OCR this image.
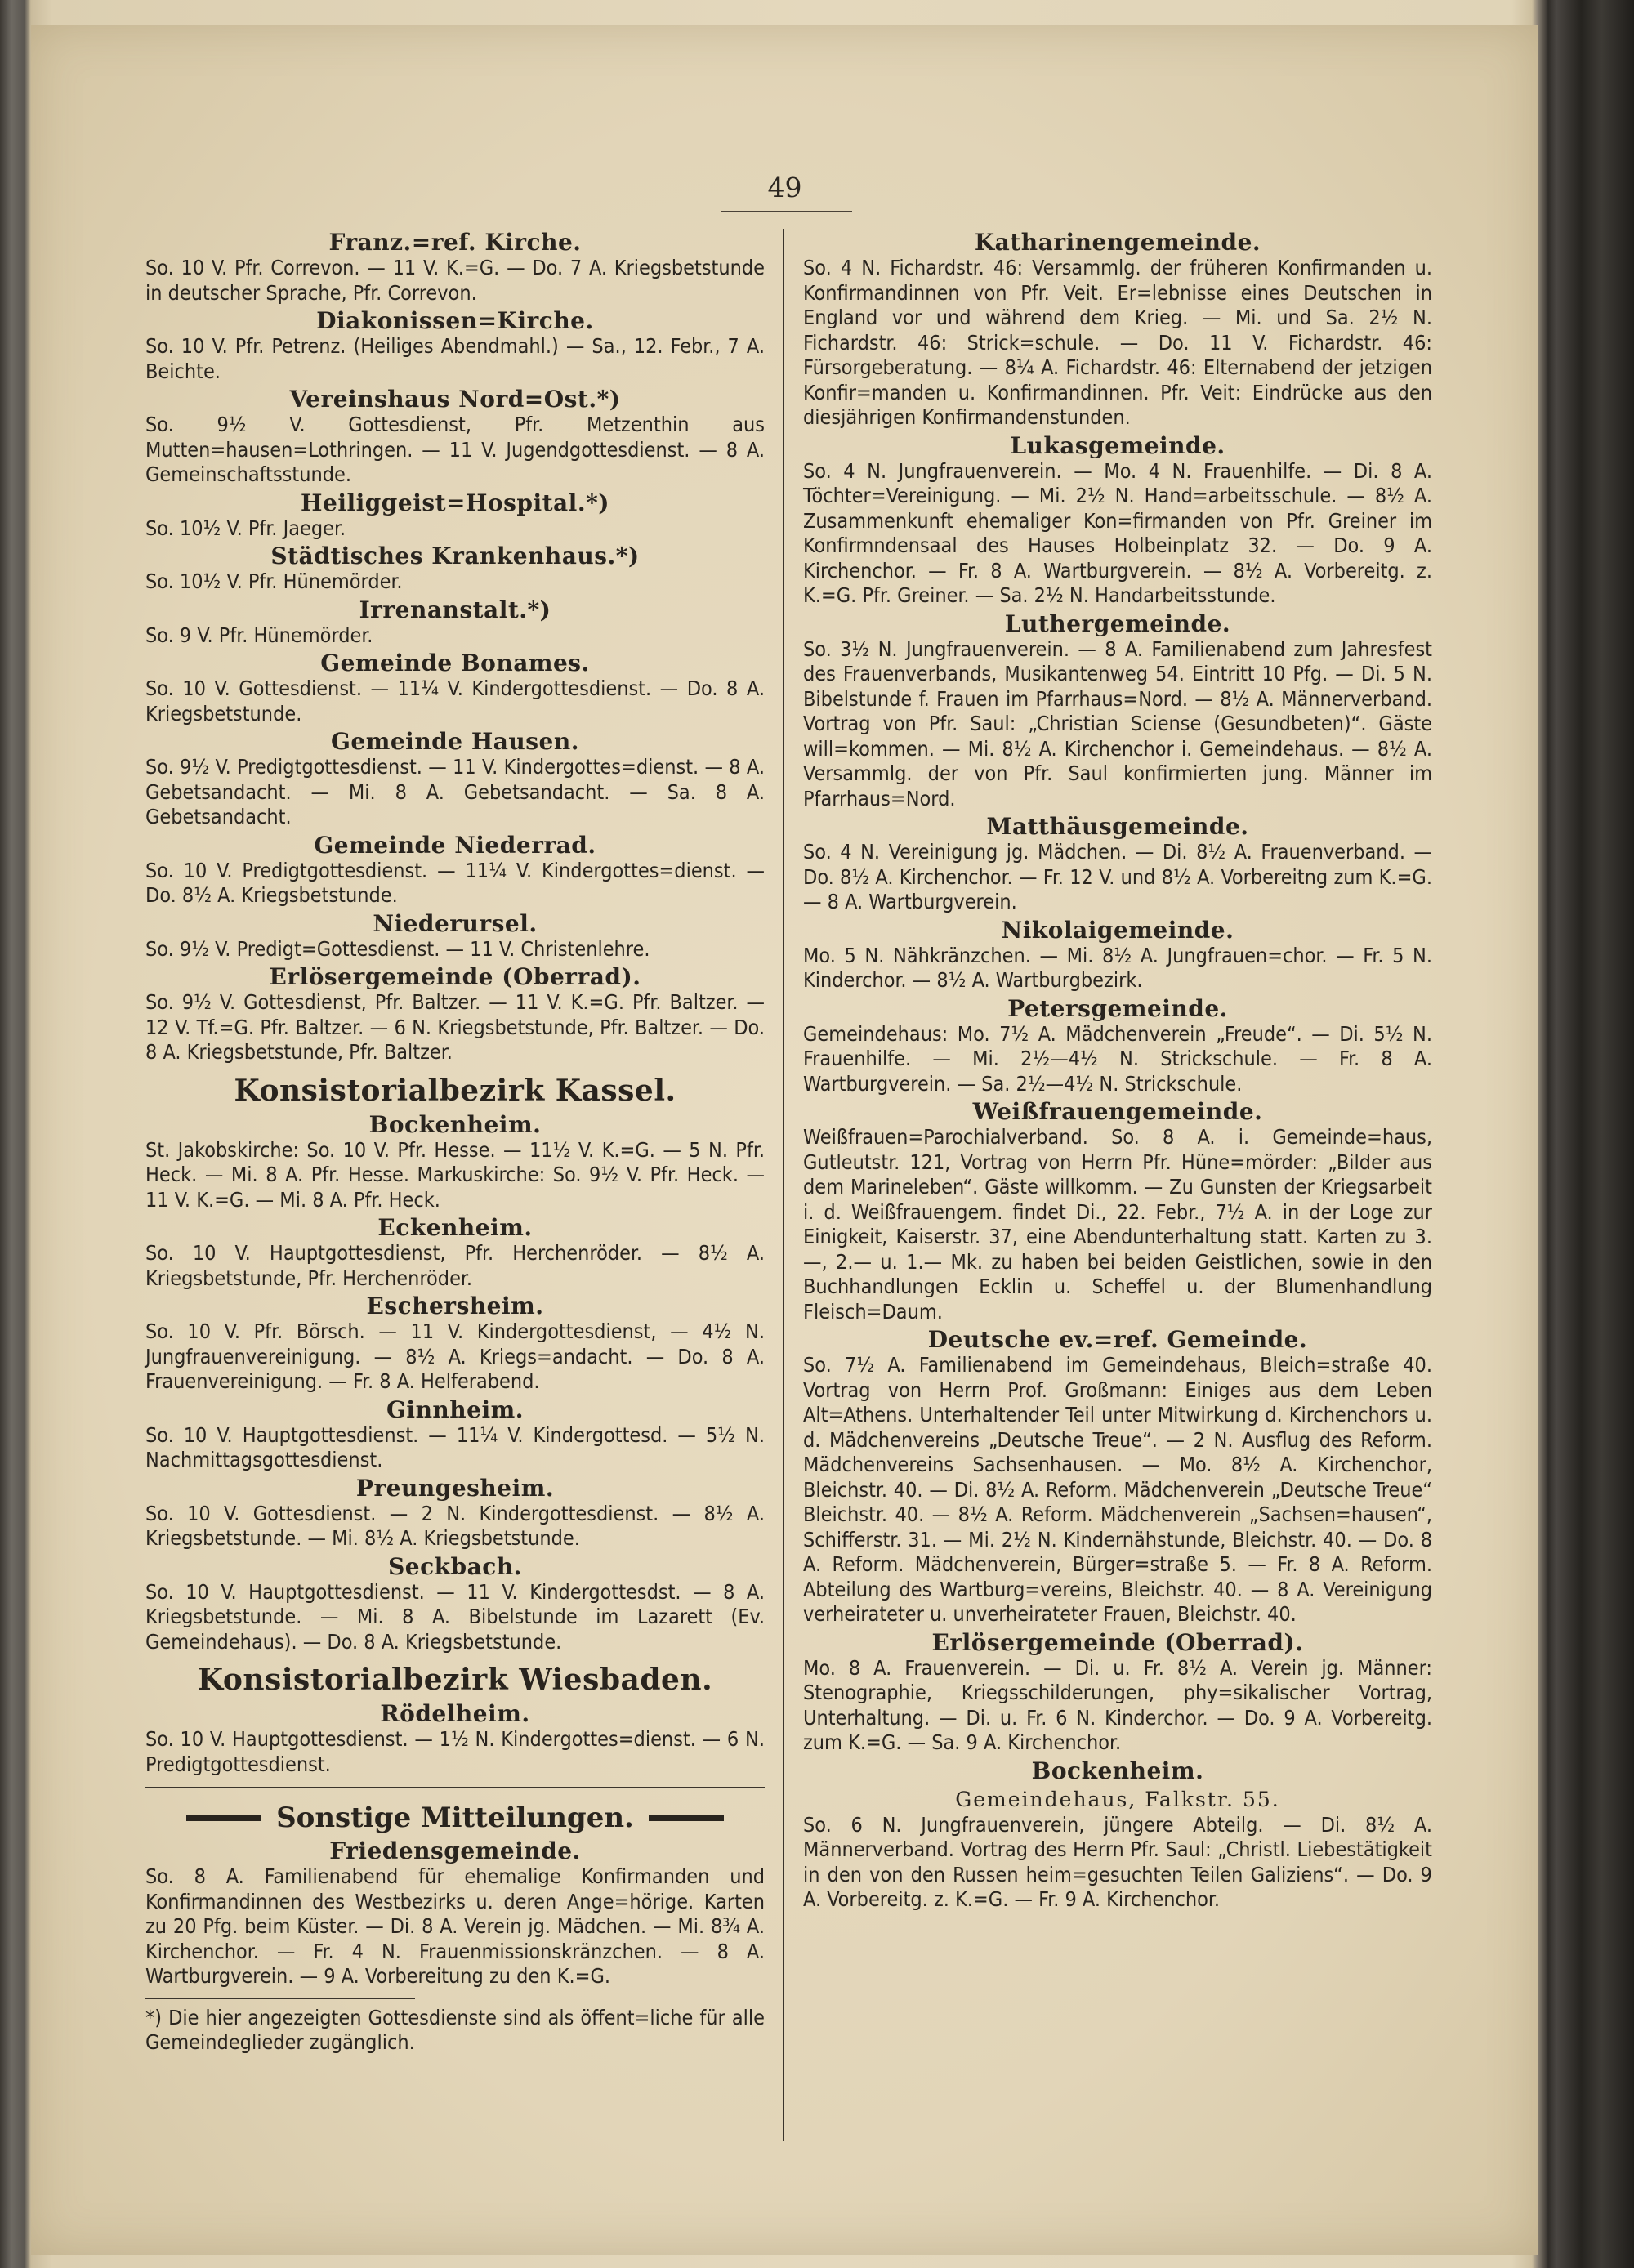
49
Franz.=ref. Kirche.

So. 10 V. Pfr. Correvon. — 11 V. K.=G. — Do. 7 A. Kriegsbetstunde in deutscher Sprache, Pfr. Correvon.

Diakonissen=Kirche.

So. 10 V. Pfr. Petrenz. (Heiliges Abendmahl.) — Sa., 12. Febr., 7 A. Beichte.

Vereinshaus Nord=Ost.*)

So. 9½ V. Gottesdienst, Pfr. Metzenthin aus Mutten=hausen=Lothringen. — 11 V. Jugendgottesdienst. — 8 A. Gemeinschaftsstunde.

Heiliggeist=Hospital.*)

So. 10½ V. Pfr. Jaeger.

Städtisches Krankenhaus.*)

So. 10½ V. Pfr. Hünemörder.

Irrenanstalt.*)

So. 9 V. Pfr. Hünemörder.

Gemeinde Bonames.

So. 10 V. Gottesdienst. — 11¼ V. Kindergottesdienst. — Do. 8 A. Kriegsbetstunde.

Gemeinde Hausen.

So. 9½ V. Predigtgottesdienst. — 11 V. Kindergottes=dienst. — 8 A. Gebetsandacht. — Mi. 8 A. Gebetsandacht. — Sa. 8 A. Gebetsandacht.

Gemeinde Niederrad.

So. 10 V. Predigtgottesdienst. — 11¼ V. Kindergottes=dienst. — Do. 8½ A. Kriegsbetstunde.

Niederursel.

So. 9½ V. Predigt=Gottesdienst. — 11 V. Christenlehre.

Erlösergemeinde (Oberrad).

So. 9½ V. Gottesdienst, Pfr. Baltzer. — 11 V. K.=G. Pfr. Baltzer. — 12 V. Tf.=G. Pfr. Baltzer. — 6 N. Kriegsbetstunde, Pfr. Baltzer. — Do. 8 A. Kriegsbetstunde, Pfr. Baltzer.

Konsistorialbezirk Kassel.
Bockenheim.

St. Jakobskirche: So. 10 V. Pfr. Hesse. — 11½ V. K.=G. — 5 N. Pfr. Heck. — Mi. 8 A. Pfr. Hesse. Markuskirche: So. 9½ V. Pfr. Heck. — 11 V. K.=G. — Mi. 8 A. Pfr. Heck.

Eckenheim.

So. 10 V. Hauptgottesdienst, Pfr. Herchenröder. — 8½ A. Kriegsbetstunde, Pfr. Herchenröder.

Eschersheim.

So. 10 V. Pfr. Börsch. — 11 V. Kindergottesdienst, — 4½ N. Jungfrauenvereinigung. — 8½ A. Kriegs=andacht. — Do. 8 A. Frauenvereinigung. — Fr. 8 A. Helferabend.

Ginnheim.

So. 10 V. Hauptgottesdienst. — 11¼ V. Kindergottesd. — 5½ N. Nachmittagsgottesdienst.

Preungesheim.

So. 10 V. Gottesdienst. — 2 N. Kindergottesdienst. — 8½ A. Kriegsbetstunde. — Mi. 8½ A. Kriegsbetstunde.

Seckbach.

So. 10 V. Hauptgottesdienst. — 11 V. Kindergottesdst. — 8 A. Kriegsbetstunde. — Mi. 8 A. Bibelstunde im Lazarett (Ev. Gemeindehaus). — Do. 8 A. Kriegsbetstunde.

Konsistorialbezirk Wiesbaden.
Rödelheim.

So. 10 V. Hauptgottesdienst. — 1½ N. Kindergottes=dienst. — 6 N. Predigtgottesdienst.

Sonstige Mitteilungen.
Friedensgemeinde.

So. 8 A. Familienabend für ehemalige Konfirmanden und Konfirmandinnen des Westbezirks u. deren Ange=hörige. Karten zu 20 Pfg. beim Küster. — Di. 8 A. Verein jg. Mädchen. — Mi. 8¾ A. Kirchenchor. — Fr. 4 N. Frauenmissionskränzchen. — 8 A. Wartburgverein. — 9 A. Vorbereitung zu den K.=G.

*) Die hier angezeigten Gottesdienste sind als öffent=liche für alle Gemeindeglieder zugänglich.

Katharinengemeinde.

So. 4 N. Fichardstr. 46: Versammlg. der früheren Konfirmanden u. Konfirmandinnen von Pfr. Veit. Er=lebnisse eines Deutschen in England vor und während dem Krieg. — Mi. und Sa. 2½ N. Fichardstr. 46: Strick=schule. — Do. 11 V. Fichardstr. 46: Fürsorgeberatung. — 8¼ A. Fichardstr. 46: Elternabend der jetzigen Konfir=manden u. Konfirmandinnen. Pfr. Veit: Eindrücke aus den diesjährigen Konfirmandenstunden.

Lukasgemeinde.

So. 4 N. Jungfrauenverein. — Mo. 4 N. Frauenhilfe. — Di. 8 A. Töchter=Vereinigung. — Mi. 2½ N. Hand=arbeitsschule. — 8½ A. Zusammenkunft ehemaliger Kon=firmanden von Pfr. Greiner im Konfirmndensaal des Hauses Holbeinplatz 32. — Do. 9 A. Kirchenchor. — Fr. 8 A. Wartburgverein. — 8½ A. Vorbereitg. z. K.=G. Pfr. Greiner. — Sa. 2½ N. Handarbeitsstunde.

Luthergemeinde.

So. 3½ N. Jungfrauenverein. — 8 A. Familienabend zum Jahresfest des Frauenverbands, Musikantenweg 54. Eintritt 10 Pfg. — Di. 5 N. Bibelstunde f. Frauen im Pfarrhaus=Nord. — 8½ A. Männerverband. Vortrag von Pfr. Saul: „Christian Sciense (Gesundbeten)“. Gäste will=kommen. — Mi. 8½ A. Kirchenchor i. Gemeindehaus. — 8½ A. Versammlg. der von Pfr. Saul konfirmierten jung. Männer im Pfarrhaus=Nord.

Matthäusgemeinde.

So. 4 N. Vereinigung jg. Mädchen. — Di. 8½ A. Frauenverband. — Do. 8½ A. Kirchenchor. — Fr. 12 V. und 8½ A. Vorbereitng zum K.=G. — 8 A. Wartburgverein.

Nikolaigemeinde.

Mo. 5 N. Nähkränzchen. — Mi. 8½ A. Jungfrauen=chor. — Fr. 5 N. Kinderchor. — 8½ A. Wartburgbezirk.

Petersgemeinde.

Gemeindehaus: Mo. 7½ A. Mädchenverein „Freude“. — Di. 5½ N. Frauenhilfe. — Mi. 2½—4½ N. Strickschule. — Fr. 8 A. Wartburgverein. — Sa. 2½—4½ N. Strickschule.

Weißfrauengemeinde.

Weißfrauen=Parochialverband. So. 8 A. i. Gemeinde=haus, Gutleutstr. 121, Vortrag von Herrn Pfr. Hüne=mörder: „Bilder aus dem Marineleben“. Gäste willkomm. — Zu Gunsten der Kriegsarbeit i. d. Weißfrauengem. findet Di., 22. Febr., 7½ A. in der Loge zur Einigkeit, Kaiserstr. 37, eine Abendunterhaltung statt. Karten zu 3.—, 2.— u. 1.— Mk. zu haben bei beiden Geistlichen, sowie in den Buchhandlungen Ecklin u. Scheffel u. der Blumenhandlung Fleisch=Daum.

Deutsche ev.=ref. Gemeinde.

So. 7½ A. Familienabend im Gemeindehaus, Bleich=straße 40. Vortrag von Herrn Prof. Großmann: Einiges aus dem Leben Alt=Athens. Unterhaltender Teil unter Mitwirkung d. Kirchenchors u. d. Mädchenvereins „Deutsche Treue“. — 2 N. Ausflug des Reform. Mädchenvereins Sachsenhausen. — Mo. 8½ A. Kirchenchor, Bleichstr. 40. — Di. 8½ A. Reform. Mädchenverein „Deutsche Treue“ Bleichstr. 40. — 8½ A. Reform. Mädchenverein „Sachsen=hausen“, Schifferstr. 31. — Mi. 2½ N. Kindernähstunde, Bleichstr. 40. — Do. 8 A. Reform. Mädchenverein, Bürger=straße 5. — Fr. 8 A. Reform. Abteilung des Wartburg=vereins, Bleichstr. 40. — 8 A. Vereinigung verheirateter u. unverheirateter Frauen, Bleichstr. 40.

Erlösergemeinde (Oberrad).

Mo. 8 A. Frauenverein. — Di. u. Fr. 8½ A. Verein jg. Männer: Stenographie, Kriegsschilderungen, phy=sikalischer Vortrag, Unterhaltung. — Di. u. Fr. 6 N. Kinderchor. — Do. 9 A. Vorbereitg. zum K.=G. — Sa. 9 A. Kirchenchor.

Bockenheim.
Gemeindehaus, Falkstr. 55.

So. 6 N. Jungfrauenverein, jüngere Abteilg. — Di. 8½ A. Männerverband. Vortrag des Herrn Pfr. Saul: „Christl. Liebestätigkeit in den von den Russen heim=gesuchten Teilen Galiziens“. — Do. 9 A. Vorbereitg. z. K.=G. — Fr. 9 A. Kirchenchor.
